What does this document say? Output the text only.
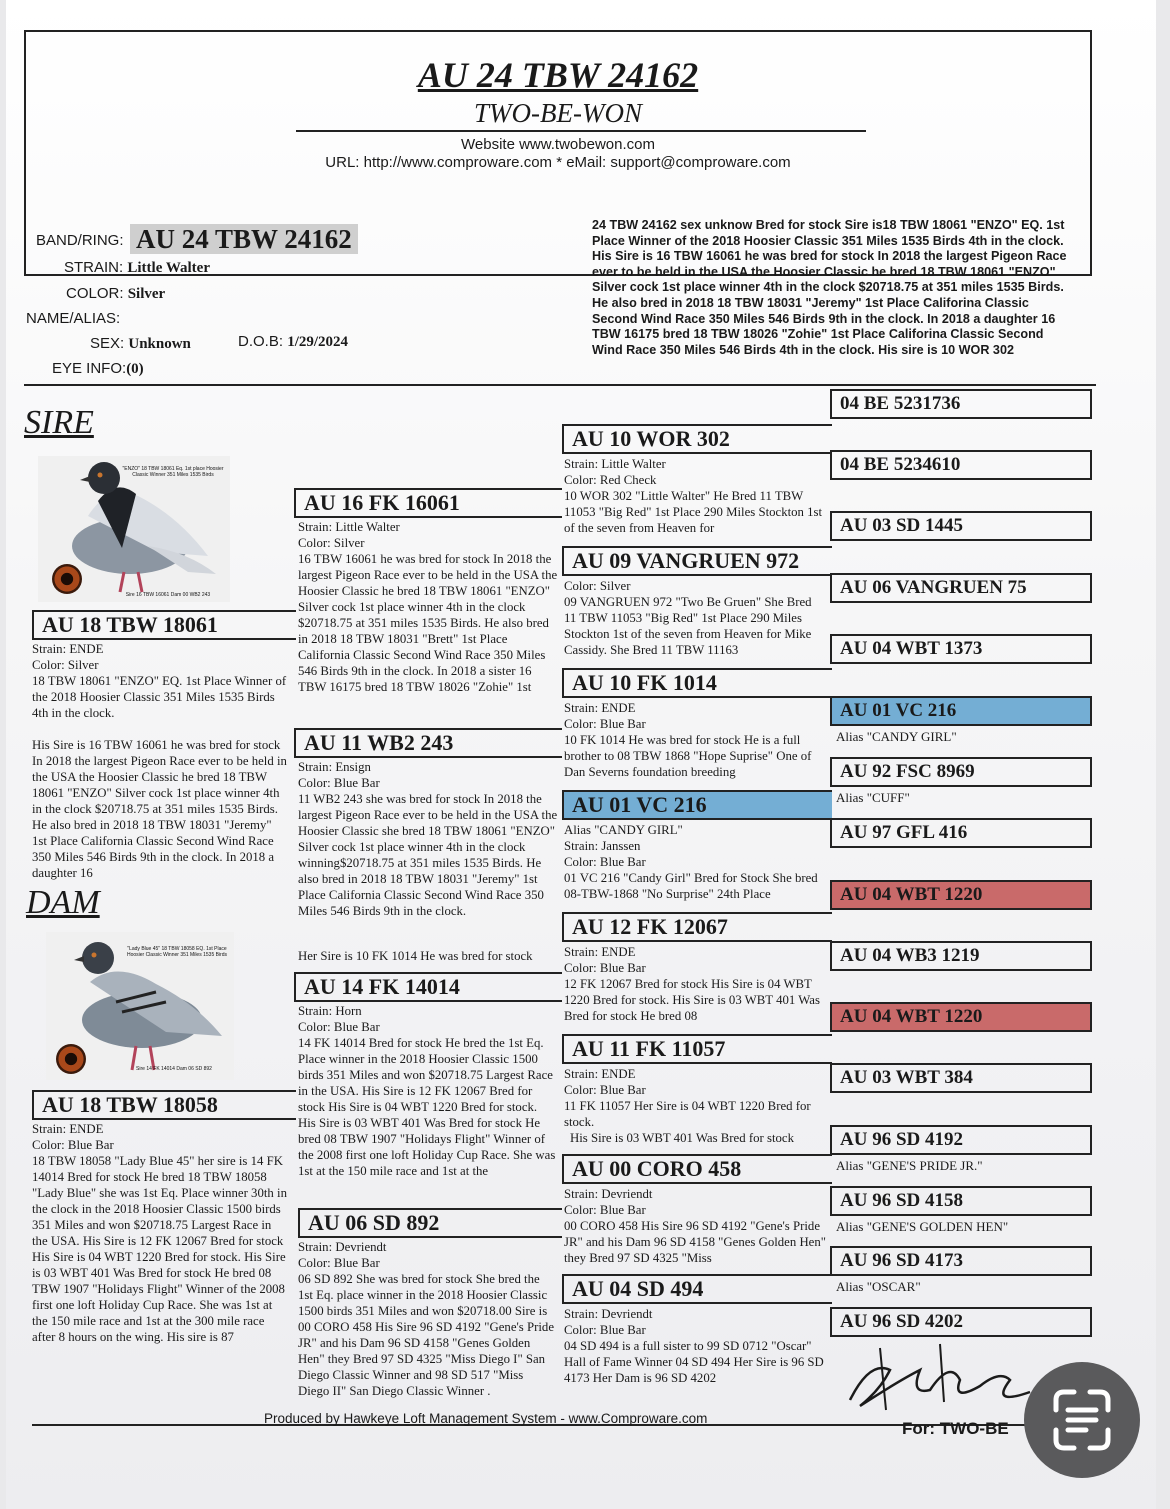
AU 24 TBW 24162
TWO-BE-WON
Website www.twobewon.com
URL: http://www.comproware.com * eMail: support@comproware.com
BAND/RING: AU 24 TBW 24162
STRAIN: Little Walter
COLOR: Silver
NAME/ALIAS:
SEX: Unknown	D.O.B: 1/29/2024
EYE INFO:(0)
24 TBW 24162 sex unknow Bred for stock Sire is18 TBW 18061 "ENZO" EQ. 1st Place Winner of the 2018 Hoosier Classic 351 Miles 1535 Birds 4th in the clock. His Sire is 16 TBW 16061 he was bred for stock In 2018 the largest Pigeon Race ever to be held in the USA the Hoosier Classic he bred 18 TBW 18061 "ENZO" Silver cock 1st place winner 4th in the clock $20718.75 at 351 miles 1535 Birds. He also bred in 2018 18 TBW 18031 "Jeremy" 1st Place Califorina Classic Second Wind Race 350 Miles 546 Birds 9th in the clock. In 2018 a daughter 16 TBW 16175 bred 18 TBW 18026 "Zohie" 1st Place Califorina Classic Second Wind Race 350 Miles 546 Birds 4th in the clock. His sire is 10 WOR 302
SIRE
"ENZO" 18 TBW 18061 Eq. 1st place Hoosier Classic Winner 351 Miles 1535 Birds
Sire 16 TBW 16061 Dam 00 WB2 243
AU 18 TBW 18061
Strain: ENDE
Color: Silver
18 TBW 18061 "ENZO" EQ. 1st Place Winner of the 2018 Hoosier Classic 351 Miles 1535 Birds 4th in the clock.
His Sire is 16 TBW 16061 he was bred for stock In 2018 the largest Pigeon Race ever to be held in the USA the Hoosier Classic he bred 18 TBW 18061 "ENZO" Silver cock 1st place winner 4th in the clock $20718.75 at 351 miles 1535 Birds. He also bred in 2018 18 TBW 18031 "Jeremy" 1st Place California Classic Second Wind Race 350 Miles 546 Birds 9th in the clock. In 2018 a daughter 16
DAM
"Lady Blue 45" 18 TBW 18058 EQ. 1st Place Hoosier Classic Winner 351 Miles 1535 Birds
Sire 14 FK 14014 Dam 06 SD 892
AU 18 TBW 18058
Strain: ENDE
Color: Blue Bar
18 TBW 18058 "Lady Blue 45" her sire is 14 FK 14014 Bred for stock He bred 18 TBW 18058 "Lady Blue" she was 1st Eq. Place winner 30th in the clock in the 2018 Hoosier Classic 1500 birds 351 Miles and won $20718.75 Largest Race in the USA. His Sire is 12 FK 12067 Bred for stock His Sire is 04 WBT 1220 Bred for stock. His Sire is 03 WBT 401 Was Bred for stock He bred 08 TBW 1907 "Holidays Flight" Winner of the 2008 first one loft Holiday Cup Race. She was 1st at the 150 mile race and 1st at the 300 mile race after 8 hours on the wing. His sire is 87
AU 16 FK 16061
Strain: Little Walter
Color: Silver
16 TBW 16061 he was bred for stock In 2018 the largest Pigeon Race ever to be held in the USA the Hoosier Classic he bred 18 TBW 18061 "ENZO" Silver cock 1st place winner 4th in the clock $20718.75 at 351 miles 1535 Birds. He also bred in 2018 18 TBW 18031 "Brett" 1st Place California Classic Second Wind Race 350 Miles 546 Birds 9th in the clock. In 2018 a sister 16 TBW 16175 bred 18 TBW 18026 "Zohie" 1st
AU 11 WB2 243
Strain: Ensign
Color: Blue Bar
11 WB2 243 she was bred for stock In 2018 the largest Pigeon Race ever to be held in the USA the Hoosier Classic she bred 18 TBW 18061 "ENZO" Silver cock 1st place winner 4th in the clock winning$20718.75 at 351 miles 1535 Birds. He also bred in 2018 18 TBW 18031 "Jeremy" 1st Place California Classic Second Wind Race 350 Miles 546 Birds 9th in the clock.
Her Sire is 10 FK 1014 He was bred for stock
AU 14 FK 14014
Strain: Horn
Color: Blue Bar
14 FK 14014 Bred for stock He bred the 1st Eq. Place winner in the 2018 Hoosier Classic 1500 birds 351 Miles and won $20718.75 Largest Race in the USA. His Sire is 12 FK 12067 Bred for stock His Sire is 04 WBT 1220 Bred for stock. His Sire is 03 WBT 401 Was Bred for stock He bred 08 TBW 1907 "Holidays Flight" Winner of the 2008 first one loft Holiday Cup Race. She was 1st at the 150 mile race and 1st at the
AU 06 SD 892
Strain: Devriendt
Color: Blue Bar
06 SD 892 She was bred for stock She bred the 1st Eq. place winner in the 2018 Hoosier Classic 1500 birds 351 Miles and won $20718.00 Sire is 00 CORO 458 His Sire 96 SD 4192 "Gene's Pride JR" and his Dam 96 SD 4158 "Genes Golden Hen" they Bred 97 SD 4325 "Miss Diego I" San Diego Classic Winner and 98 SD 517 "Miss Diego II" San Diego Classic Winner .
AU 10 WOR 302
Strain: Little Walter
Color: Red Check
10 WOR 302 "Little Walter" He Bred 11 TBW 11053 "Big Red" 1st Place 290 Miles Stockton 1st of the seven from Heaven for
AU 09 VANGRUEN 972
Color: Silver
09 VANGRUEN 972 "Two Be Gruen" She Bred 11 TBW 11053 "Big Red" 1st Place 290 Miles Stockton 1st of the seven from Heaven for Mike Cassidy. She Bred 11 TBW 11163
AU 10 FK 1014
Strain: ENDE
Color: Blue Bar
10 FK 1014 He was bred for stock He is a full brother to 08 TBW 1868 "Hope Suprise" One of Dan Severns foundation breeding
AU 01 VC 216
Alias "CANDY GIRL"
Strain: Janssen
Color: Blue Bar
01 VC 216 "Candy Girl" Bred for Stock She bred 08-TBW-1868 "No Surprise" 24th Place
AU 12 FK 12067
Strain: ENDE
Color: Blue Bar
12 FK 12067 Bred for stock His Sire is 04 WBT 1220 Bred for stock. His Sire is 03 WBT 401 Was Bred for stock He bred 08
AU 11 FK 11057
Strain: ENDE
Color: Blue Bar
11 FK 11057 Her Sire is 04 WBT 1220 Bred for stock.
His Sire is 03 WBT 401 Was Bred for stock
AU 00 CORO 458
Strain: Devriendt
Color: Blue Bar
00 CORO 458 His Sire 96 SD 4192 "Gene's Pride JR" and his Dam 96 SD 4158 "Genes Golden Hen" they Bred 97 SD 4325 "Miss
AU 04 SD 494
Strain: Devriendt
Color: Blue Bar
04 SD 494 is a full sister to 99 SD 0712 "Oscar" Hall of Fame Winner 04 SD 494 Her Sire is 96 SD 4173 Her Dam is 96 SD 4202
04 BE 5231736
04 BE 5234610
AU 03 SD 1445
AU 06 VANGRUEN 75
AU 04 WBT 1373
AU 01 VC 216
Alias "CANDY GIRL"
AU 92 FSC 8969
Alias "CUFF"
AU 97 GFL 416
AU 04 WBT 1220
AU 04 WB3 1219
AU 04 WBT 1220
AU 03 WBT 384
AU 96 SD 4192
Alias "GENE'S PRIDE JR."
AU 96 SD 4158
Alias "GENE'S GOLDEN HEN"
AU 96 SD 4173
Alias "OSCAR"
AU 96 SD 4202
Produced by Hawkeye Loft Management System - www.Comproware.com
For: TWO-BE
